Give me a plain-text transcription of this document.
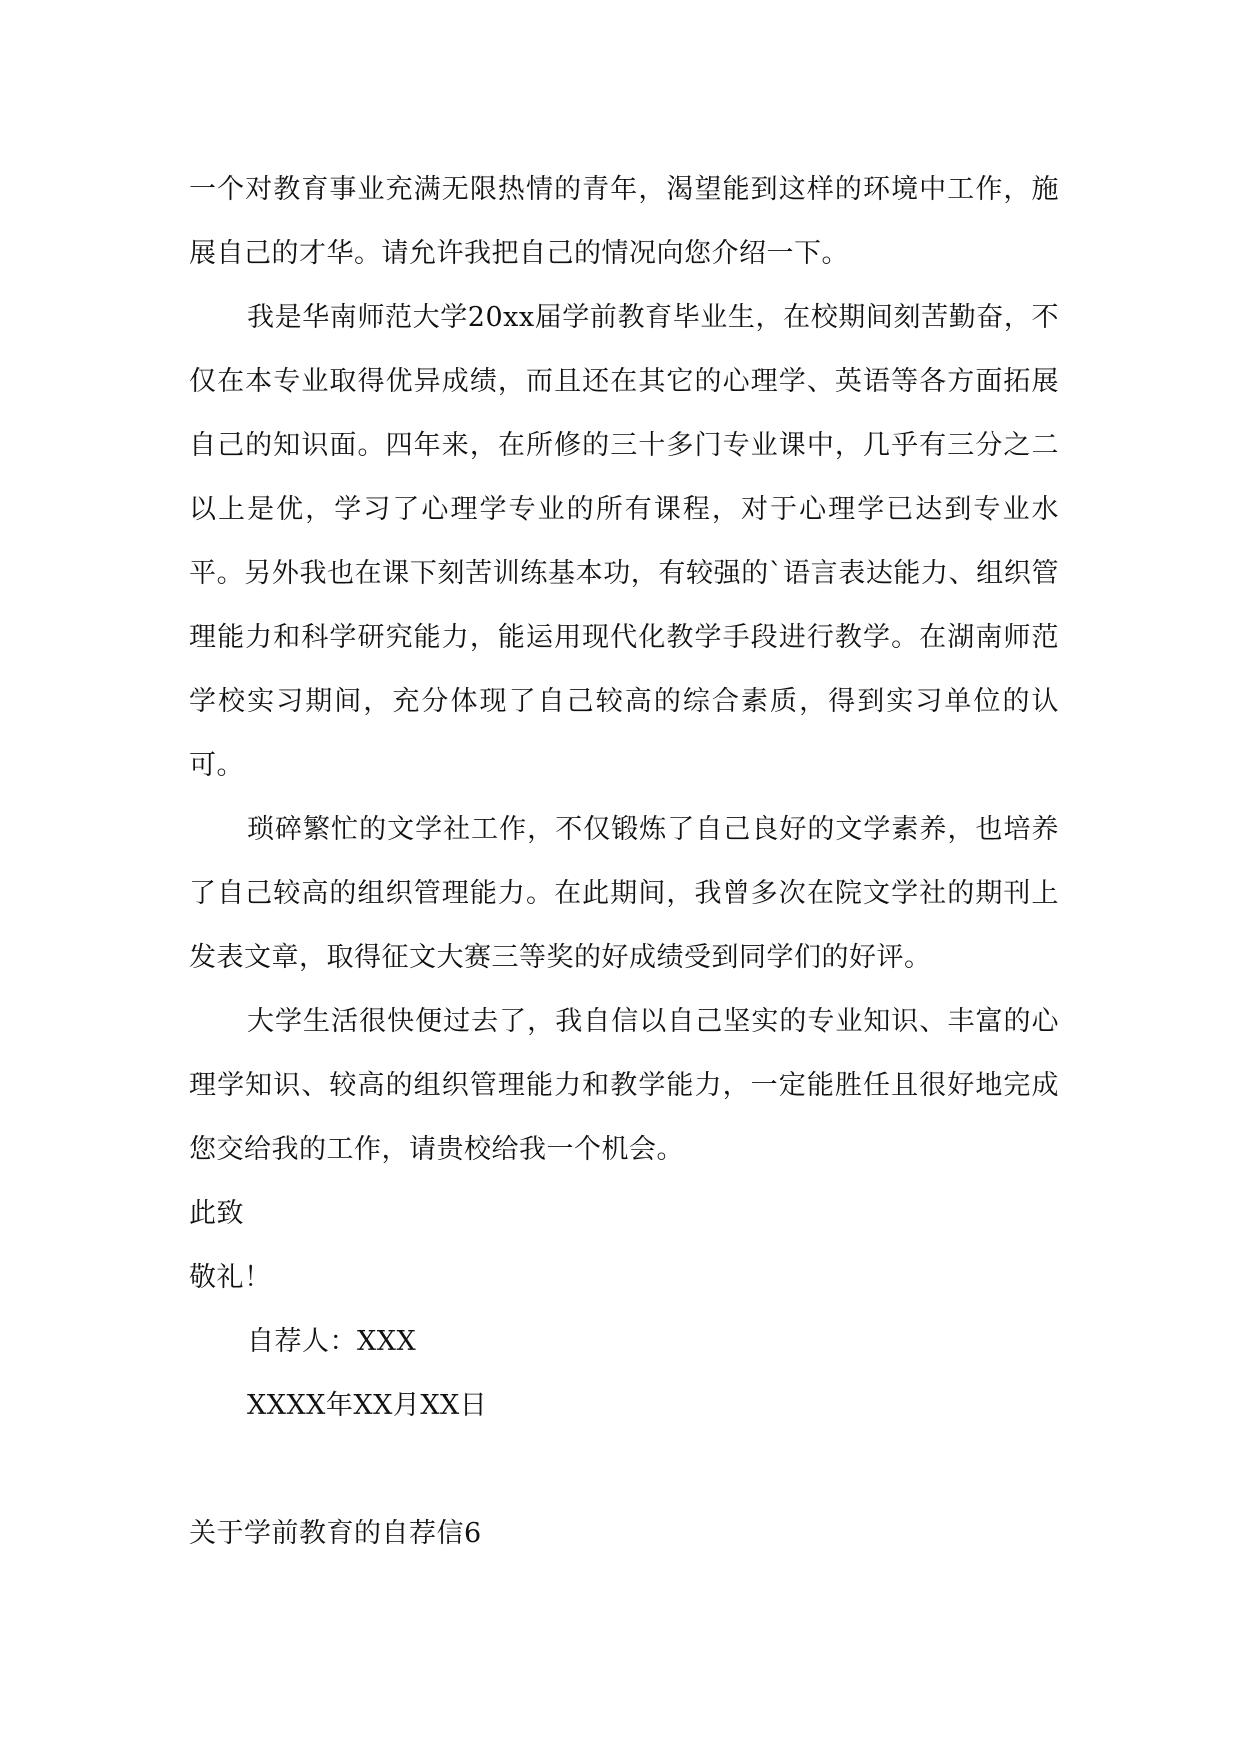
一个对教育事业充满无限热情的青年，渴望能到这样的环境中工作，施展自己的才华。请允许我把自己的情况向您介绍一下。

我是华南师范大学20xx届学前教育毕业生，在校期间刻苦勤奋，不仅在本专业取得优异成绩，而且还在其它的心理学、英语等各方面拓展自己的知识面。四年来，在所修的三十多门专业课中，几乎有三分之二以上是优，学习了心理学专业的所有课程，对于心理学已达到专业水平。另外我也在课下刻苦训练基本功，有较强的`语言表达能力、组织管理能力和科学研究能力，能运用现代化教学手段进行教学。在湖南师范学校实习期间，充分体现了自己较高的综合素质，得到实习单位的认可。

琐碎繁忙的文学社工作，不仅锻炼了自己良好的文学素养，也培养了自己较高的组织管理能力。在此期间，我曾多次在院文学社的期刊上发表文章，取得征文大赛三等奖的好成绩受到同学们的好评。

大学生活很快便过去了，我自信以自己坚实的专业知识、丰富的心理学知识、较高的组织管理能力和教学能力，一定能胜任且很好地完成您交给我的工作，请贵校给我一个机会。

此致

敬礼！

自荐人：XXX

XXXX年XX月XX日

关于学前教育的自荐信6
